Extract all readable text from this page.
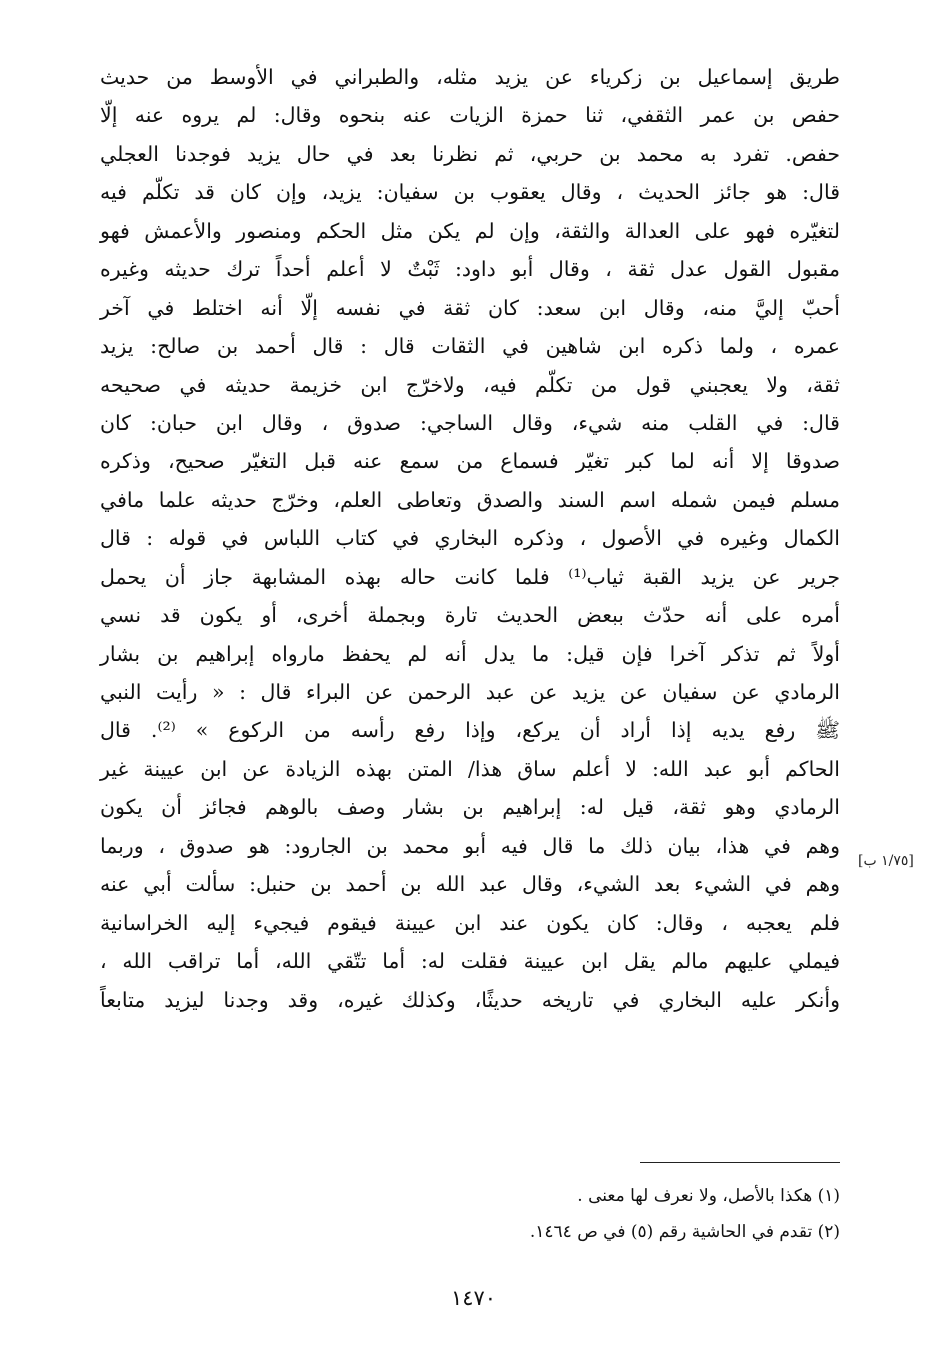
طريق إسماعيل بن زكرياء عن يزيد مثله، والطبراني في الأوسط من حديث
حفص بن عمر الثقفي، ثنا حمزة الزيات عنه بنحوه وقال: لم يروه عنه إلّا
حفص. تفرد به محمد بن حربي، ثم نظرنا بعد في حال يزيد فوجدنا العجلي
قال: هو جائز الحديث ، وقال يعقوب بن سفيان: يزيد، وإن كان قد تكلّم فيه
لتغيّره فهو على العدالة والثقة، وإن لم يكن مثل الحكم ومنصور والأعمش فهو
مقبول القول عدل ثقة ، وقال أبو داود: ثَبْتٌ لا أعلم أحداً ترك حديثه وغيره
أحبّ إليَّ منه، وقال ابن سعد: كان ثقة في نفسه إلّا أنه اختلط في آخر
عمره ، ولما ذكره ابن شاهين في الثقات قال : قال أحمد بن صالح: يزيد
ثقة، ولا يعجبني قول من تكلّم فيه، ولاخرّج ابن خزيمة حديثه في صحيحه
قال: في القلب منه شيء، وقال الساجي: صدوق ، وقال ابن حبان: كان
صدوقا إلا أنه لما كبر تغيّر فسماع من سمع عنه قبل التغيّر صحيح، وذكره
مسلم فيمن شمله اسم السند والصدق وتعاطى العلم، وخرّج حديثه علما مافي
الكمال وغيره في الأصول ، وذكره البخاري في كتاب اللباس في قوله : قال
جرير عن يزيد القبة ثياب⁽¹⁾ فلما كانت حاله بهذه المشابهة جاز أن يحمل
أمره على أنه حدّث ببعض الحديث تارة وبجملة أخرى، أو يكون قد نسي
أولاً ثم تذكر آخرا فإن قيل: ما يدل أنه لم يحفظ مارواه إبراهيم بن بشار
الرمادي عن سفيان عن يزيد عن عبد الرحمن عن البراء قال : « رأيت النبي
ﷺ رفع يديه إذا أراد أن يركع، وإذا رفع رأسه من الركوع » ⁽²⁾. قال
الحاكم أبو عبد الله: لا أعلم ساق هذا/ المتن بهذه الزيادة عن ابن عيينة غير
الرمادي وهو ثقة، قيل له: إبراهيم بن بشار وصف بالوهم فجائز أن يكون
وهم في هذا، بيان ذلك ما قال فيه أبو محمد بن الجارود: هو صدوق ، وربما
وهم في الشيء بعد الشيء، وقال عبد الله بن أحمد بن حنبل: سألت أبي عنه
فلم يعجبه ، وقال: كان يكون عند ابن عيينة فيقوم فيجيء إليه الخراسانية
فيملي عليهم مالم يقل ابن عيينة فقلت له: أما تتّقي الله، أما تراقب الله ،
وأنكر عليه البخاري في تاريخه حديثًا، وكذلك غيره، وقد وجدنا ليزيد متابعاً
[١/٧٥ ب]
(١) هكذا بالأصل، ولا نعرف لها معنى .
(٢) تقدم في الحاشية رقم (٥) في ص ١٤٦٤.
١٤٧٠
